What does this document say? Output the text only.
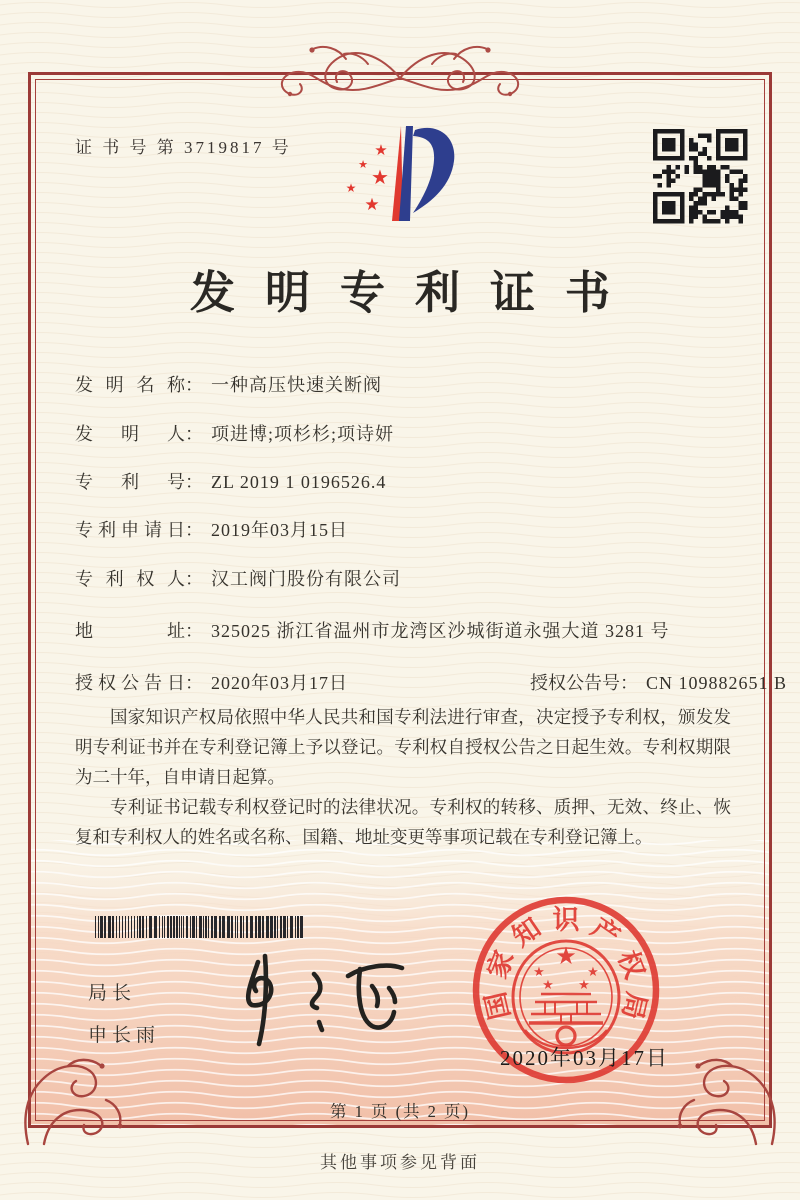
证 书 号 第 3719817 号	★
★
★
★
★
发明专利证书
发明名称： 一种高压快速关断阀
发明人： 项进博;项杉杉;项诗妍
专利号： ZL 2019 1 0196526.4
专利申请日： 2019年03月15日
专利权人： 汉工阀门股份有限公司
地址： 325025 浙江省温州市龙湾区沙城街道永强大道 3281 号
授权公告日： 2020年03月17日	授权公告号： CN 109882651 B

国家知识产权局依照中华人民共和国专利法进行审查，决定授予专利权，颁发发明专利证书并在专利登记簿上予以登记。专利权自授权公告之日起生效。专利权期限为二十年，自申请日起算。

专利证书记载专利权登记时的法律状况。专利权的转移、质押、无效、终止、恢复和专利权人的姓名或名称、国籍、地址变更等事项记载在专利登记簿上。

局长
申长雨
★
★	★
★ ★
国
家
知 识 产
权
局
2020年03月17日
第 1 页 (共 2 页)
其他事项参见背面
